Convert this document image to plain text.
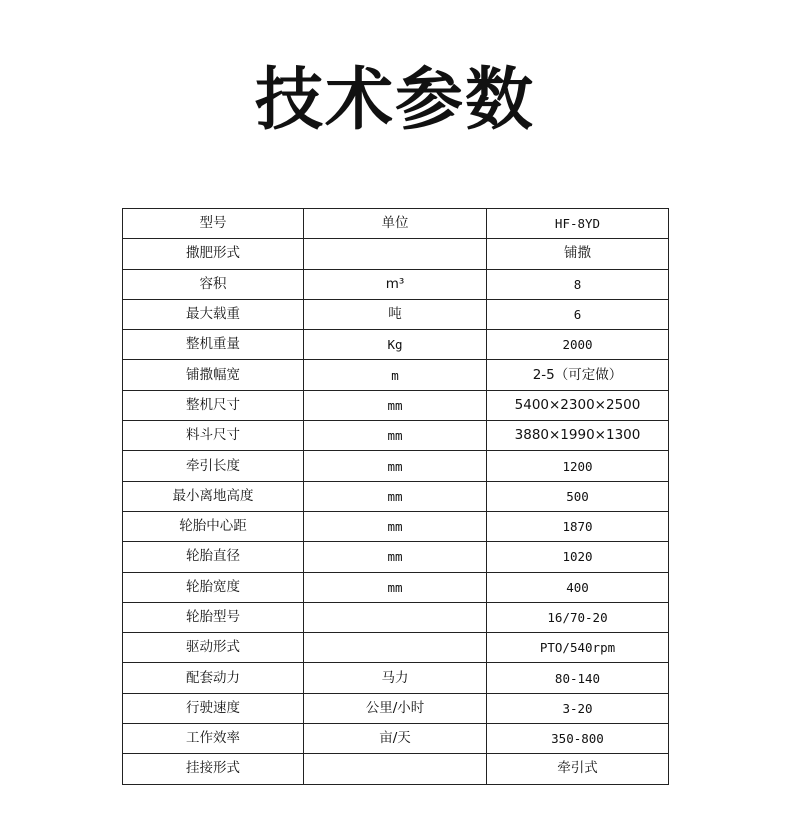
技术参数
型号	单位	HF-8YD
撒肥形式		铺撒
容积	m³	8
最大载重	吨	6
整机重量	Kg	2000
铺撒幅宽	m	2-5（可定做）
整机尺寸	mm	5400×2300×2500
料斗尺寸	mm	3880×1990×1300
牵引长度	mm	1200
最小离地高度	mm	500
轮胎中心距	mm	1870
轮胎直径	mm	1020
轮胎宽度	mm	400
轮胎型号		16/70-20
驱动形式		PTO/540rpm
配套动力	马力	80-140
行驶速度	公里/小时	3-20
工作效率	亩/天	350-800
挂接形式		牵引式
